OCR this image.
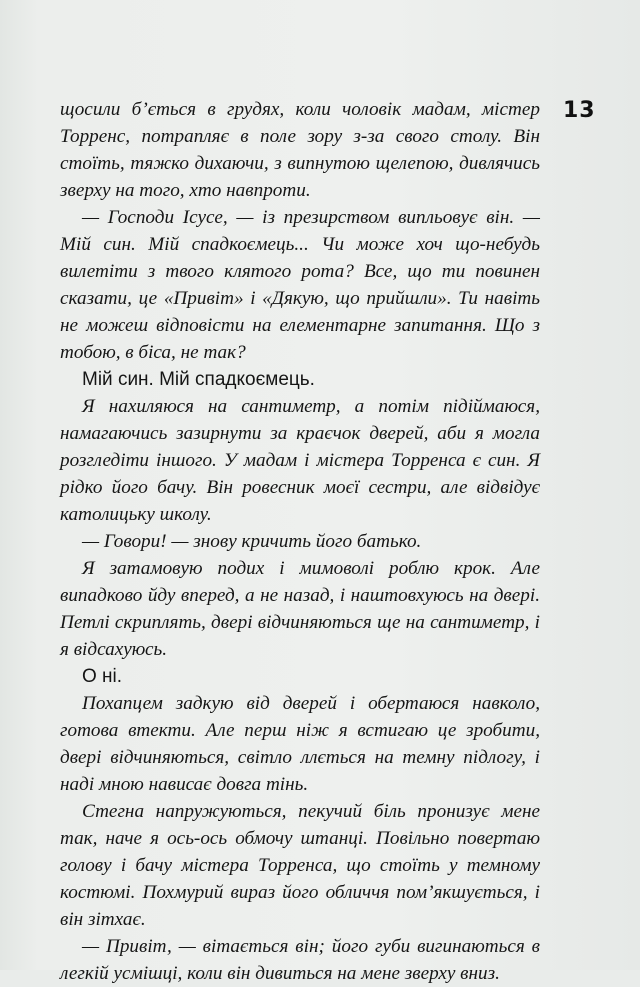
13

щосили б’ється в грудях, коли чоловік мадам, містер Торренс, потрапляє в поле зору з-за свого столу. Він стоїть, тяжко дихаючи, з випнутою щелепою, дивлячись зверху на того, хто навпроти.

— Господи Ісусе, — із презирством випльовує він. — Мій син. Мій спадкоємець... Чи може хоч що-небудь вилетіти з твого клятого рота? Все, що ти повинен сказати, це «Привіт» і «Дякую, що прийшли». Ти навіть не можеш відповісти на елементарне запитання. Що з тобою, в біса, не так?

Мій син. Мій спадкоємець.

Я нахиляюся на сантиметр, а потім підіймаюся, намагаючись зазирнути за краєчок дверей, аби я могла розгледіти іншого. У мадам і містера Торренса є син. Я рідко його бачу. Він ровесник моєї сестри, але відвідує католицьку школу.

— Говори! — знову кричить його батько.

Я затамовую подих і мимоволі роблю крок. Але випадково йду вперед, а не назад, і наштовхуюсь на двері. Петлі скриплять, двері відчиняються ще на сантиметр, і я відсахуюсь.

О ні.

Похапцем задкую від дверей і обертаюся навколо, готова втекти. Але перш ніж я встигаю це зробити, двері відчиняються, світло ллється на темну підлогу, і наді мною нависає довга тінь.

Стегна напружуються, пекучий біль пронизує мене так, наче я ось-ось обмочу штанці. Повільно повертаю голову і бачу містера Торренса, що стоїть у темному костюмі. Похмурий вираз його обличчя пом’якшується, і він зітхає.

— Привіт, — вітається він; його губи вигинаються в легкій усмішці, коли він дивиться на мене зверху вниз.
